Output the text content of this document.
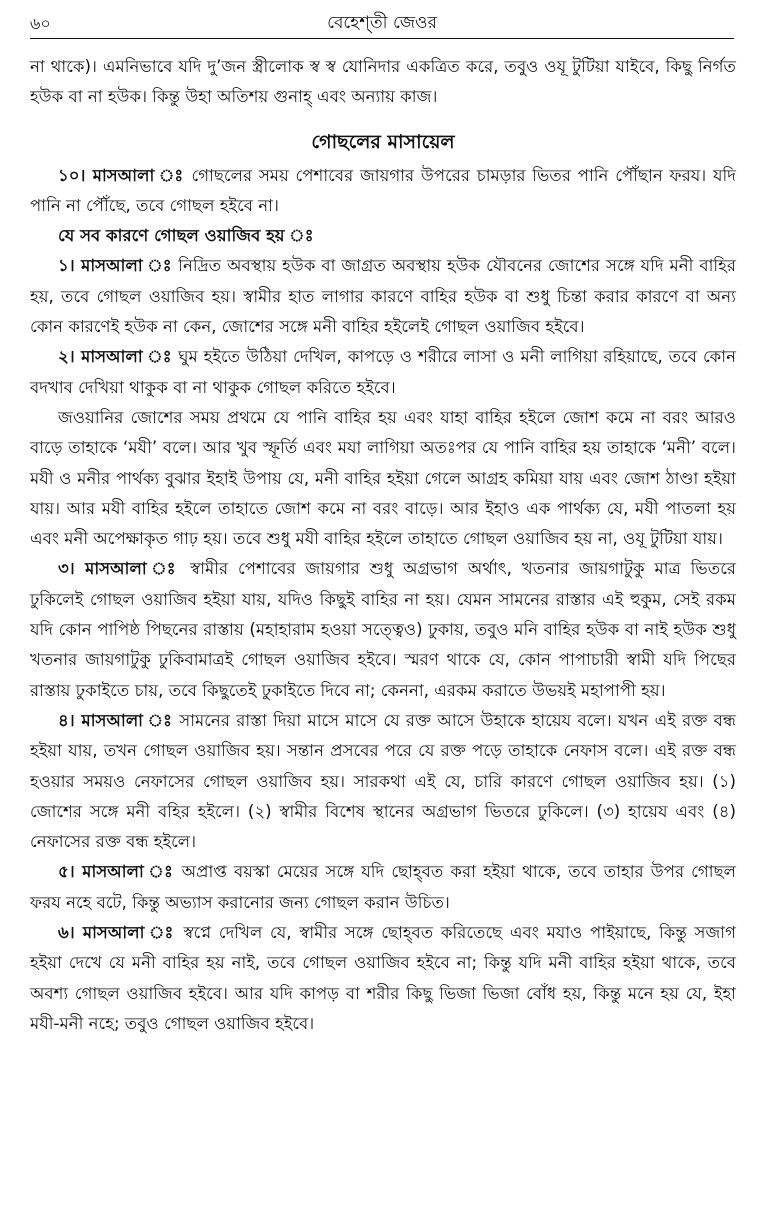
৬০	বেহেশ্‌তী জেওর

না থাকে)। এমনিভাবে যদি দু’জন স্ত্রীলোক স্ব স্ব যোনিদার একত্রিত করে, তবুও ওযূ টুটিয়া যাইবে, কিছু নির্গত হউক বা না হউক। কিন্তু উহা অতিশয় গুনাহ্‌ এবং অন্যায় কাজ।

গোছলের মাসায়েল

১০। মাসআলা ঃ গোছলের সময় পেশাবের জায়গার উপরের চামড়ার ভিতর পানি পৌঁছান ফরয। যদি পানি না পৌঁছে, তবে গোছল হইবে না।

যে সব কারণে গোছল ওয়াজিব হয় ঃ

১। মাসআলা ঃ নিদ্রিত অবস্থায় হউক বা জাগ্রত অবস্থায় হউক যৌবনের জোশের সঙ্গে যদি মনী বাহির হয়, তবে গোছল ওয়াজিব হয়। স্বামীর হাত লাগার কারণে বাহির হউক বা শুধু চিন্তা করার কারণে বা অন্য কোন কারণেই হউক না কেন, জোশের সঙ্গে মনী বাহির হইলেই গোছল ওয়াজিব হইবে।

২। মাসআলা ঃ ঘুম হইতে উঠিয়া দেখিল, কাপড়ে ও শরীরে লাসা ও মনী লাগিয়া রহিয়াছে, তবে কোন বদখাব দেখিয়া থাকুক বা না থাকুক গোছল করিতে হইবে।

জওয়ানির জোশের সময় প্রথমে যে পানি বাহির হয় এবং যাহা বাহির হইলে জোশ কমে না বরং আরও বাড়ে তাহাকে ‘মযী’ বলে। আর খুব স্ফূর্তি এবং মযা লাগিয়া অতঃপর যে পানি বাহির হয় তাহাকে ‘মনী’ বলে। মযী ও মনীর পার্থক্য বুঝার ইহাই উপায় যে, মনী বাহির হইয়া গেলে আগ্রহ কমিয়া যায় এবং জোশ ঠাণ্ডা হইয়া যায়। আর মযী বাহির হইলে তাহাতে জোশ কমে না বরং বাড়ে। আর ইহাও এক পার্থক্য যে, মযী পাতলা হয় এবং মনী অপেক্ষাকৃত গাঢ় হয়। তবে শুধু মযী বাহির হইলে তাহাতে গোছল ওয়াজিব হয় না, ওযূ টুটিয়া যায়।

৩। মাসআলা ঃ স্বামীর পেশাবের জায়গার শুধু অগ্রভাগ অর্থাৎ, খতনার জায়গাটুকু মাত্র ভিতরে ঢুকিলেই গোছল ওয়াজিব হইয়া যায়, যদিও কিছুই বাহির না হয়। যেমন সামনের রাস্তার এই হুকুম, সেই রকম যদি কোন পাপিষ্ঠ পিছনের রাস্তায় (মহাহারাম হওয়া সত্ত্বেও) ঢুকায়, তবুও মনি বাহির হউক বা নাই হউক শুধু খতনার জায়গাটুকু ঢুকিবামাত্রই গোছল ওয়াজিব হইবে। স্মরণ থাকে যে, কোন পাপাচারী স্বামী যদি পিছের রাস্তায় ঢুকাইতে চায়, তবে কিছুতেই ঢুকাইতে দিবে না; কেননা, এরকম করাতে উভয়ই মহাপাপী হয়।

৪। মাসআলা ঃ সামনের রাস্তা দিয়া মাসে মাসে যে রক্ত আসে উহাকে হায়েয বলে। যখন এই রক্ত বন্ধ হইয়া যায়, তখন গোছল ওয়াজিব হয়। সন্তান প্রসবের পরে যে রক্ত পড়ে তাহাকে নেফাস বলে। এই রক্ত বন্ধ হওয়ার সময়ও নেফাসের গোছল ওয়াজিব হয়। সারকথা এই যে, চারি কারণে গোছল ওয়াজিব হয়। (১) জোশের সঙ্গে মনী বহির হইলে। (২) স্বামীর বিশেষ স্থানের অগ্রভাগ ভিতরে ঢুকিলে। (৩) হায়েয এবং (৪) নেফাসের রক্ত বন্ধ হইলে।

৫। মাসআলা ঃ অপ্রাপ্ত বয়স্কা মেয়ের সঙ্গে যদি ছোহ্‌বত করা হইয়া থাকে, তবে তাহার উপর গোছল ফরয নহে বটে, কিন্তু অভ্যাস করানোর জন্য গোছল করান উচিত।

৬। মাসআলা ঃ স্বপ্নে দেখিল যে, স্বামীর সঙ্গে ছোহ্‌বত করিতেছে এবং মযাও পাইয়াছে, কিন্তু সজাগ হইয়া দেখে যে মনী বাহির হয় নাই, তবে গোছল ওয়াজিব হইবে না; কিন্তু যদি মনী বাহির হইয়া থাকে, তবে অবশ্য গোছল ওয়াজিব হইবে। আর যদি কাপড় বা শরীর কিছু ভিজা ভিজা বোঁধ হয়, কিন্তু মনে হয় যে, ইহা মযী-মনী নহে; তবুও গোছল ওয়াজিব হইবে।
